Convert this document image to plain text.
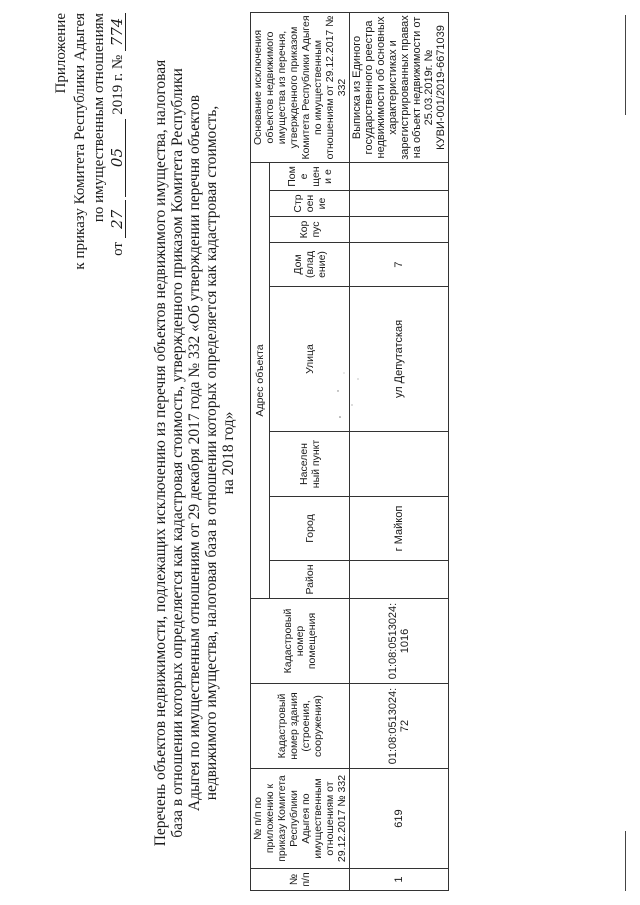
Приложение к приказу Комитета Республики Адыгея по имущественным отношениям
от 27 05 2019 г. № 774
Перечень объектов недвижимости, подлежащих исключению из перечня объектов недвижимого имущества, налоговая база в отношении которых определяется как кадастровая стоимость, утвержденного приказом Комитета Республики Адыгея по имущественным отношениям от 29 декабря 2017 года № 332 «Об утверждении перечня объектов недвижимого имущества, налоговая база в отношении которых определяется как кадастровая стоимость, на 2018 год»
№ п/п	№ п/п по приложению к приказу Комитета Республики Адыгея по имущественным отношениям от 29.12.2017 № 332	Кадастровый номер здания (строения, сооружения)	Кадастровый номер помещения	Адрес объекта								Основание исключения объектов недвижимого имущества из перечня, утвержденного приказом Комитета Республики Адыгея по имущественным отношениям от 29.12.2017 № 332
				Район	Город	Населен ный пункт	Улица	Дом (влад ение)	Кор пус	Стр оен ие	Поме щени е	
1	619	01:08:0513024:72	01:08:0513024:1016		г Майкоп		ул Депутатская	7				Выписка из Единого государственного реестра недвижимости об основных характеристиках и зарегистрированных правах на объект недвижимости от 25.03.2019г. № КУВИ-001/2019-6671039
